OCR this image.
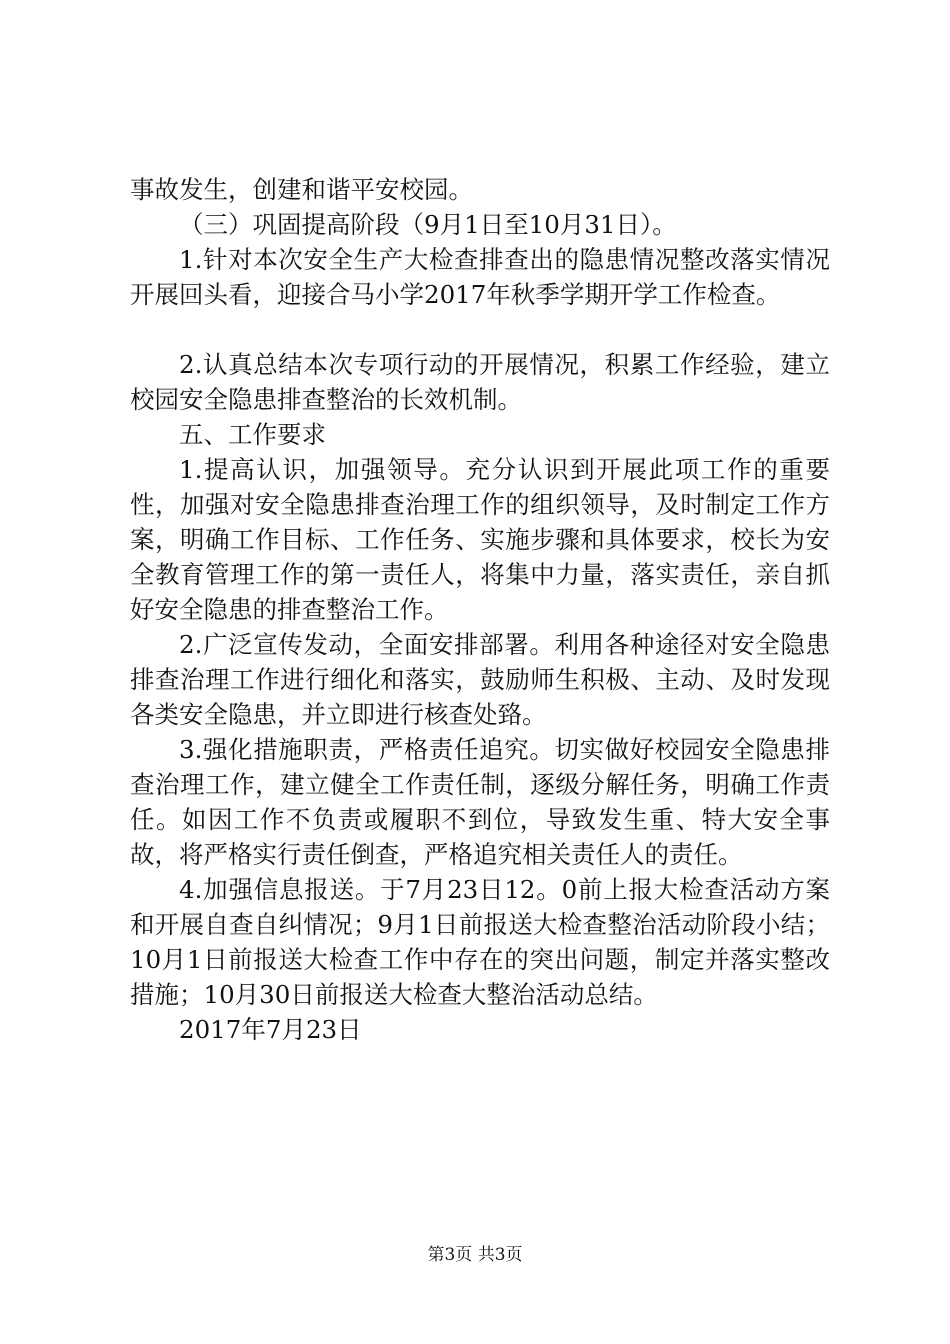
事故发生，创建和谐平安校园。

（三）巩固提高阶段（9月1日至10月31日）。

1.针对本次安全生产大检查排查出的隐患情况整改落实情况开展回头看，迎接合马小学2017年秋季学期开学工作检查。

2.认真总结本次专项行动的开展情况，积累工作经验，建立校园安全隐患排查整治的长效机制。

五、工作要求

1.提高认识，加强领导。充分认识到开展此项工作的重要性，加强对安全隐患排查治理工作的组织领导，及时制定工作方案，明确工作目标、工作任务、实施步骤和具体要求，校长为安全教育管理工作的第一责任人，将集中力量，落实责任，亲自抓好安全隐患的排查整治工作。

2.广泛宣传发动，全面安排部署。利用各种途径对安全隐患排查治理工作进行细化和落实，鼓励师生积极、主动、及时发现各类安全隐患，并立即进行核查处臵。

3.强化措施职责，严格责任追究。切实做好校园安全隐患排查治理工作，建立健全工作责任制，逐级分解任务，明确工作责任。如因工作不负责或履职不到位，导致发生重、特大安全事故，将严格实行责任倒查，严格追究相关责任人的责任。

4.加强信息报送。于7月23日12。0前上报大检查活动方案和开展自查自纠情况；9月1日前报送大检查整治活动阶段小结；10月1日前报送大检查工作中存在的突出问题，制定并落实整改措施；10月30日前报送大检查大整治活动总结。

2017年7月23日

第3页 共3页
